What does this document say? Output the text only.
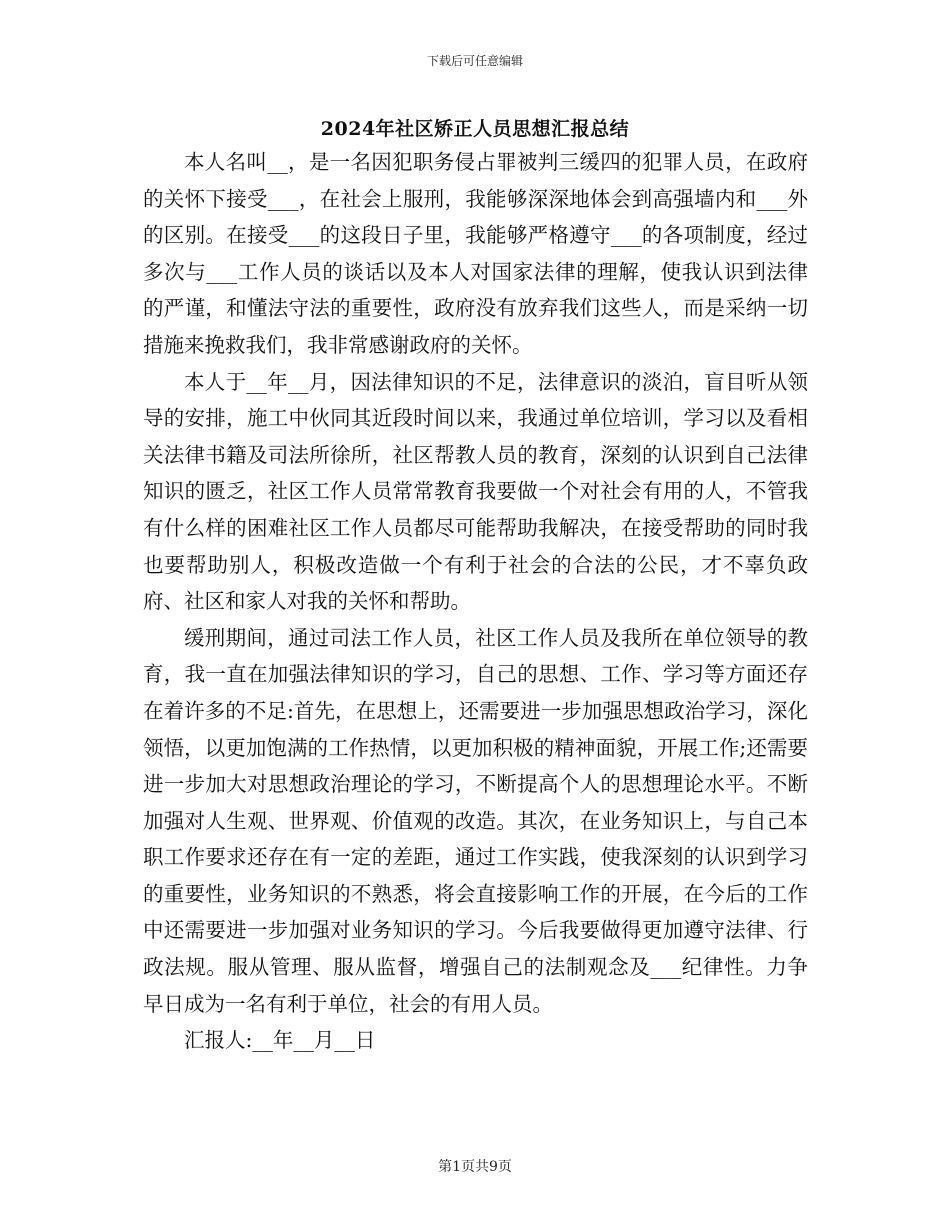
下载后可任意编辑
2024年社区矫正人员思想汇报总结

本人名叫__，是一名因犯职务侵占罪被判三缓四的犯罪人员，在政府的关怀下接受___，在社会上服刑，我能够深深地体会到高强墙内和___外的区别。在接受___的这段日子里，我能够严格遵守___的各项制度，经过多次与___工作人员的谈话以及本人对国家法律的理解，使我认识到法律的严谨，和懂法守法的重要性，政府没有放弃我们这些人，而是采纳一切措施来挽救我们，我非常感谢政府的关怀。

本人于__年__月，因法律知识的不足，法律意识的淡泊，盲目听从领导的安排，施工中伙同其近段时间以来，我通过单位培训，学习以及看相关法律书籍及司法所徐所，社区帮教人员的教育，深刻的认识到自己法律知识的匮乏，社区工作人员常常教育我要做一个对社会有用的人，不管我有什么样的困难社区工作人员都尽可能帮助我解决，在接受帮助的同时我也要帮助别人，积极改造做一个有利于社会的合法的公民，才不辜负政府、社区和家人对我的关怀和帮助。

缓刑期间，通过司法工作人员，社区工作人员及我所在单位领导的教育，我一直在加强法律知识的学习，自己的思想、工作、学习等方面还存在着许多的不足:首先，在思想上，还需要进一步加强思想政治学习，深化领悟，以更加饱满的工作热情，以更加积极的精神面貌，开展工作;还需要进一步加大对思想政治理论的学习，不断提高个人的思想理论水平。不断加强对人生观、世界观、价值观的改造。其次，在业务知识上，与自己本职工作要求还存在有一定的差距，通过工作实践，使我深刻的认识到学习的重要性，业务知识的不熟悉，将会直接影响工作的开展，在今后的工作中还需要进一步加强对业务知识的学习。今后我要做得更加遵守法律、行政法规。服从管理、服从监督，增强自己的法制观念及___纪律性。力争早日成为一名有利于单位，社会的有用人员。

汇报人:__年__月__日

第1页共9页
